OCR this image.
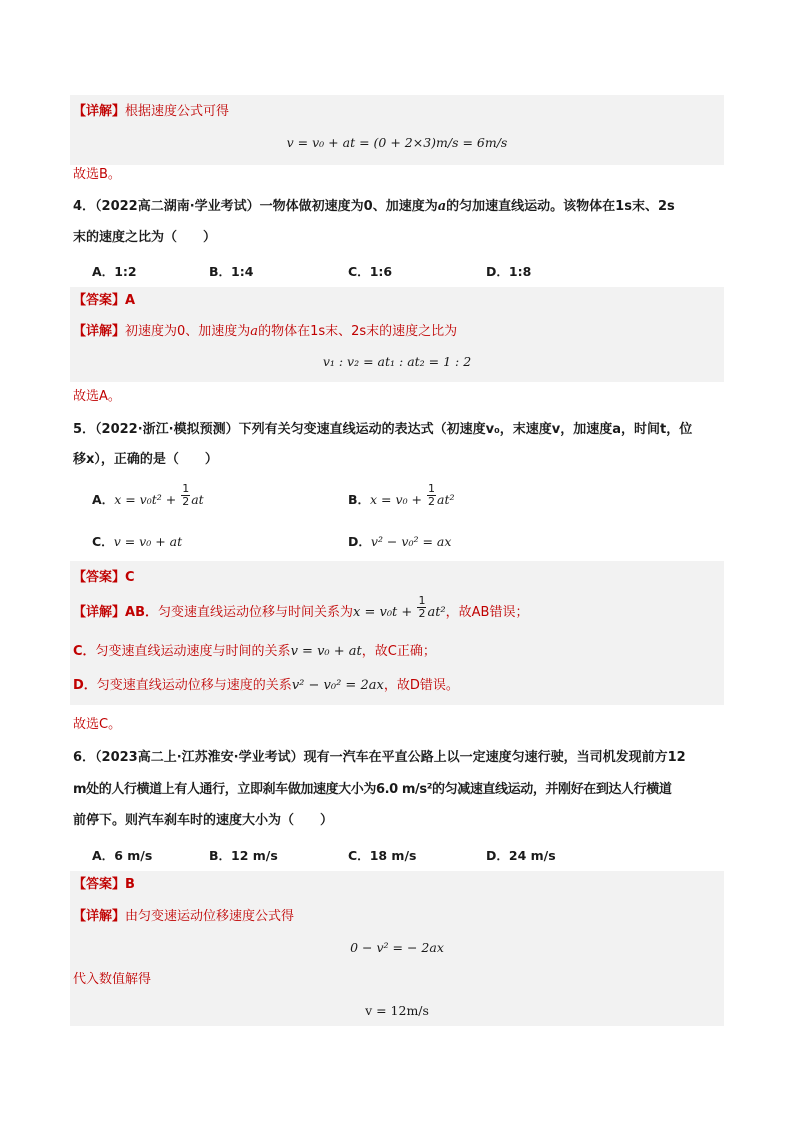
【详解】根据速度公式可得
v = v₀ + at = (0 + 2×3)m/s = 6m/s
故选B。
4．（2022高二湖南·学业考试）一物体做初速度为0、加速度为a的匀加速直线运动。该物体在1s末、2s
末的速度之比为（　　）
A．1:2	B．1:4	C．1:6	D．1:8
【答案】A
【详解】初速度为0、加速度为a的物体在1s末、2s末的速度之比为
v₁ : v₂ = at₁ : at₂ = 1 : 2
故选A。
5．（2022·浙江·模拟预测）下列有关匀变速直线运动的表达式（初速度v₀，末速度v，加速度a，时间t，位
移x），正确的是（　　）
A．$x = v_0t^2 + \frac{1}{2}$ at	B．$x = v_0 + \frac{1}{2} at^2$
C．v = v₀ + at	D．v² − v₀² = ax
【答案】C
【详解】AB．匀变速直线运动位移与时间关系为$x = v_0t + \frac{1}{2} at^2$，故AB错误；
C．匀变速直线运动速度与时间的关系v = v₀ + at，故C正确；
D．匀变速直线运动位移与速度的关系v² − v₀² = 2ax，故D错误。
故选C。
6．（2023高二上·江苏淮安·学业考试）现有一汽车在平直公路上以一定速度匀速行驶，当司机发现前方12
m处的人行横道上有人通行，立即刹车做加速度大小为6.0 m/s²的匀减速直线运动，并刚好在到达人行横道
前停下。则汽车刹车时的速度大小为（　　）
A．6 m/s	B．12 m/s	C．18 m/s	D．24 m/s
【答案】B
【详解】由匀变速运动位移速度公式得
0 − v² = − 2ax
代入数值解得
v = 12m/s
